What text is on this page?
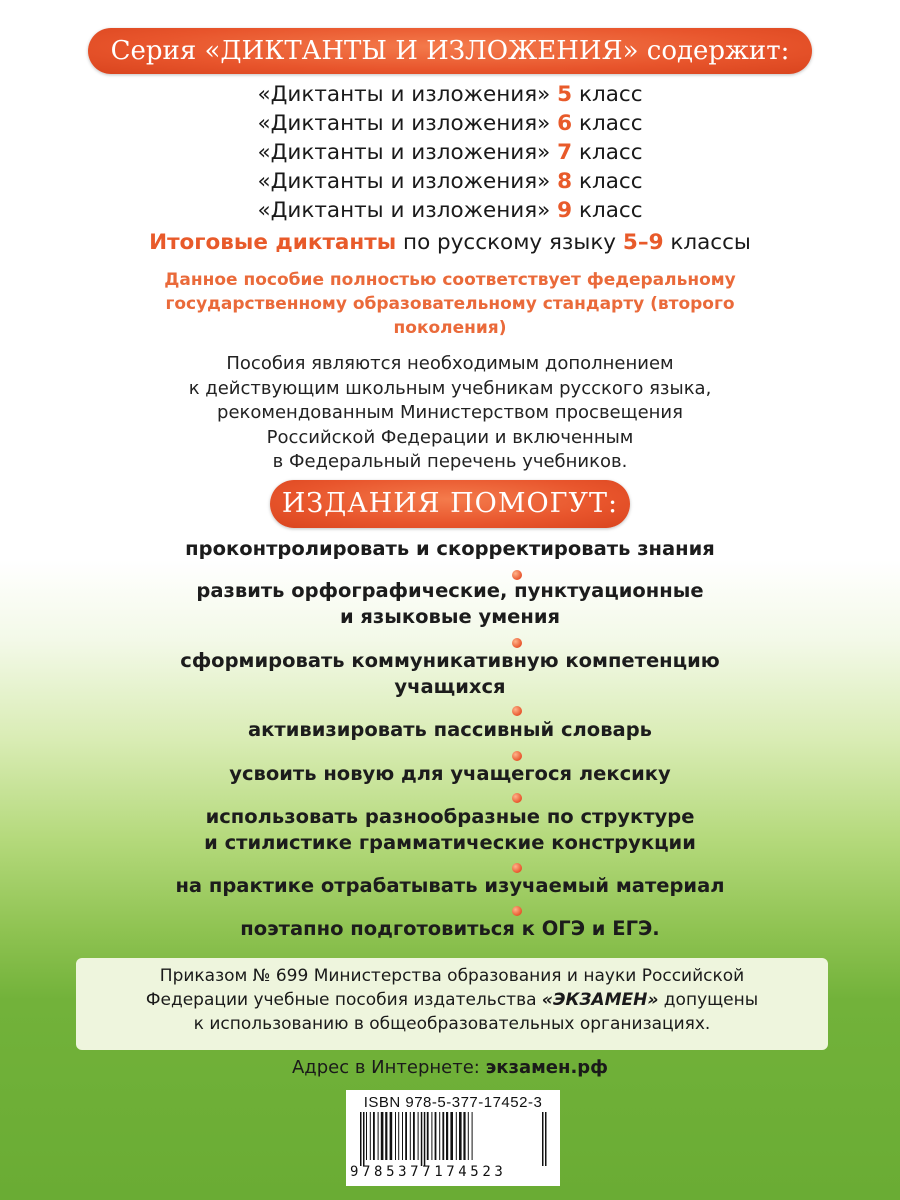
Серия «ДИКТАНТЫ И ИЗЛОЖЕНИЯ» содержит:
«Диктанты и изложения» 5 класс
«Диктанты и изложения» 6 класс
«Диктанты и изложения» 7 класс
«Диктанты и изложения» 8 класс
«Диктанты и изложения» 9 класс
Итоговые диктанты по русскому языку 5–9 классы
Данное пособие полностью соответствует федеральному
государственному образовательному стандарту (второго
поколения)
Пособия являются необходимым дополнением
к действующим школьным учебникам русского языка,
рекомендованным Министерством просвещения
Российской Федерации и включенным
в Федеральный перечень учебников.
ИЗДАНИЯ ПОМОГУТ:
проконтролировать и скорректировать знания
развить орфографические, пунктуационные
и языковые умения
сформировать коммуникативную компетенцию
учащихся
активизировать пассивный словарь
усвоить новую для учащегося лексику
использовать разнообразные по структуре
и стилистике грамматические конструкции
на практике отрабатывать изучаемый материал
поэтапно подготовиться к ОГЭ и ЕГЭ.
Приказом № 699 Министерства образования и науки Российской
Федерации учебные пособия издательства «ЭКЗАМЕН» допущены
к использованию в общеобразовательных организациях.
Адрес в Интернете: экзамен.рф
ISBN 978-5-377-17452-3
9785377174523
